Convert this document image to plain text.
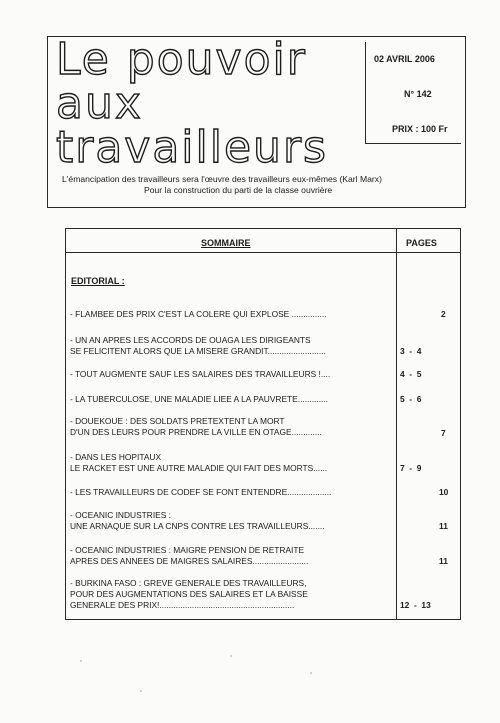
Le pouvoir
aux
travailleurs
02 AVRIL 2006
N° 142
PRIX : 100 Fr
L'émancipation des travailleurs sera l'œuvre des travailleurs eux-mêmes (Karl Marx)
Pour la construction du parti de la classe ouvrière
SOMMAIRE	PAGES
EDITORIAL :
- FLAMBEE DES PRIX C'EST LA COLERE QUI EXPLOSE ...............	2
- UN AN APRES LES ACCORDS DE OUAGA LES DIRIGEANTS
SE FELICITENT ALORS QUE LA MISERE GRANDIT.........................	3  -  4
- TOUT AUGMENTE SAUF LES SALAIRES DES TRAVAILLEURS !....	4  -  5
- LA TUBERCULOSE, UNE MALADIE LIEE A LA PAUVRETE.............	5  -  6
- DOUEKOUE : DES SOLDATS PRETEXTENT LA MORT
D'UN DES LEURS POUR PRENDRE LA VILLE EN OTAGE.............	7
- DANS LES HOPITAUX
LE RACKET EST UNE AUTRE MALADIE QUI FAIT DES MORTS......	7  -  9
- LES TRAVAILLEURS DE CODEF SE FONT ENTENDRE...................	10
- OCEANIC INDUSTRIES :
UNE ARNAQUE SUR LA CNPS CONTRE LES TRAVAILLEURS.......	11
- OCEANIC INDUSTRIES : MAIGRE PENSION DE RETRAITE
APRES DES ANNEES DE MAIGRES SALAIRES........................	11
- BURKINA FASO : GREVE GENERALE DES TRAVAILLEURS,
POUR DES AUGMENTATIONS DES SALAIRES ET LA BAISSE
GENERALE DES PRIX!..........................................................	12  -  13
